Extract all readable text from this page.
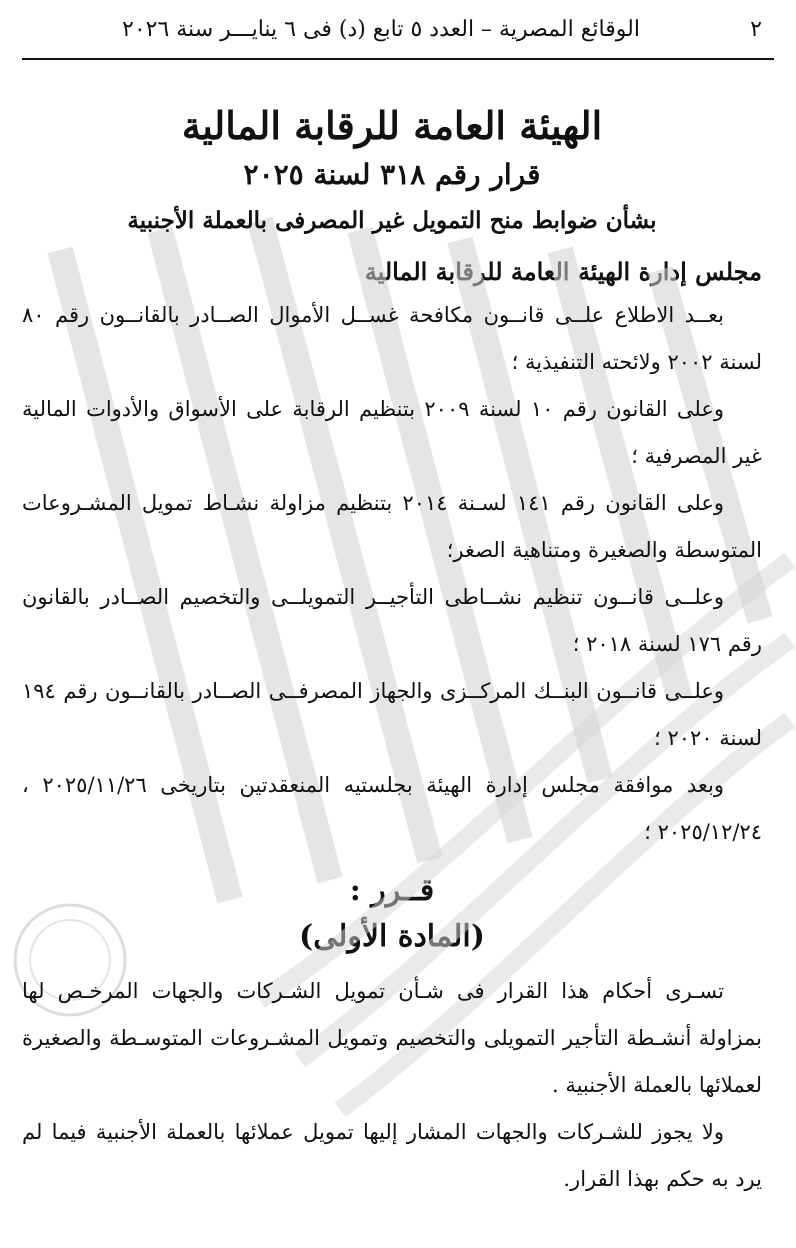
٢
الوقائع المصرية – العدد ٥ تابع (د) فى ٦ ينايـــر سنة ٢٠٢٦
الهيئة العامة للرقابة المالية
قرار رقم ٣١٨ لسنة ٢٠٢٥
بشأن ضوابط منح التمويل غير المصرفى بالعملة الأجنبية
مجلس إدارة الهيئة العامة للرقابة المالية

بعــد الاطلاع علــى قانــون مكافحة غســل الأموال الصــادر بالقانــون رقم ٨٠ لسنة ٢٠٠٢ ولائحته التنفيذية ؛

وعلى القانون رقم ١٠ لسنة ٢٠٠٩ بتنظيم الرقابة على الأسواق والأدوات المالية غير المصرفية ؛

وعلى القانون رقم ١٤١ لسـنة ٢٠١٤ بتنظيم مزاولة نشـاط تمويل المشـروعات المتوسطة والصغيرة ومتناهية الصغر؛

وعلــى قانــون تنظيم نشــاطى التأجيــر التمويلــى والتخصيم الصــادر بالقانون رقم ١٧٦ لسنة ٢٠١٨ ؛

وعلــى قانــون البنــك المركــزى والجهاز المصرفــى الصــادر بالقانــون رقم ١٩٤ لسنة ٢٠٢٠ ؛

وبعد موافقة مجلس إدارة الهيئة بجلستيه المنعقدتين بتاريخى ٢٠٢٥/١١/٢٦ ، ٢٠٢٥/١٢/٢٤ ؛

قــرر :
(المادة الأولى)

تسـرى أحكام هذا القرار فى شـأن تمويل الشـركات والجهات المرخـص لها بمزاولة أنشـطة التأجير التمويلى والتخصيم وتمويل المشـروعات المتوسـطة والصغيرة لعملائها بالعملة الأجنبية .

ولا يجوز للشـركات والجهات المشار إليها تمويل عملائها بالعملة الأجنبية فيما لم يرد به حكم بهذا القرار.
